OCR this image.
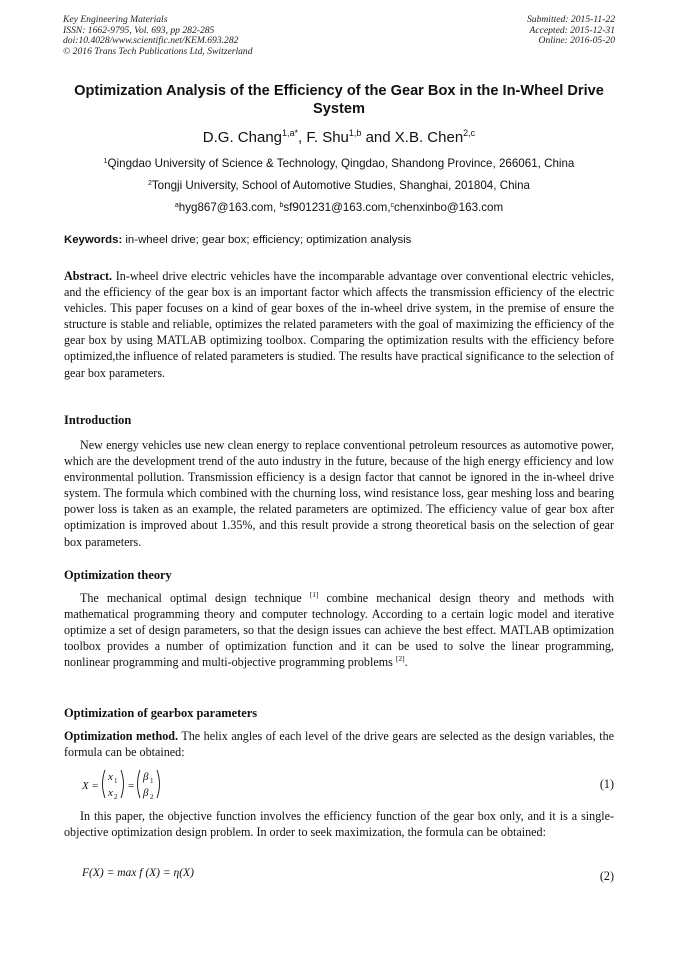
Key Engineering Materials
ISSN: 1662-9795, Vol. 693, pp 282-285
doi:10.4028/www.scientific.net/KEM.693.282
© 2016 Trans Tech Publications Ltd, Switzerland
Submitted: 2015-11-22
Accepted: 2015-12-31
Online: 2016-05-20
Optimization Analysis of the Efficiency of the Gear Box in the In-Wheel Drive System
D.G. Chang$^{1,a*}$, F. Shu$^{1,b}$ and X.B. Chen$^{2,c}$
$^1$Qingdao University of Science & Technology, Qingdao, Shandong Province, 266061, China
$^2$Tongji University, School of Automotive Studies, Shanghai, 201804, China
$^a$hyg867@163.com, $^b$sf901231@163.com,$^c$chenxinbo@163.com
Keywords: in-wheel drive; gear box; efficiency; optimization analysis
Abstract. In-wheel drive electric vehicles have the incomparable advantage over conventional electric vehicles, and the efficiency of the gear box is an important factor which affects the transmission efficiency of the electric vehicles. This paper focuses on a kind of gear boxes of the in-wheel drive system, in the premise of ensure the structure is stable and reliable, optimizes the related parameters with the goal of maximizing the efficiency of the gear box by using MATLAB optimizing toolbox. Comparing the optimization results with the efficiency before optimized,the influence of related parameters is studied. The results have practical significance to the selection of gear box parameters.
Introduction
New energy vehicles use new clean energy to replace conventional petroleum resources as automotive power, which are the development trend of the auto industry in the future, because of the high energy efficiency and low environmental pollution. Transmission efficiency is a design factor that cannot be ignored in the in-wheel drive system. The formula which combined with the churning loss, wind resistance loss, gear meshing loss and bearing power loss is taken as an example, the related parameters are optimized. The efficiency value of gear box after optimization is improved about 1.35%, and this result provide a strong theoretical basis on the selection of gear box parameters.
Optimization theory
The mechanical optimal design technique [1] combine mechanical design theory and methods with mathematical programming theory and computer technology. According to a certain logic model and iterative optimize a set of design parameters, so that the design issues can achieve the best effect. MATLAB optimization toolbox provides a number of optimization function and it can be used to solve the linear programming, nonlinear programming and multi-objective programming problems [2].
Optimization of gearbox parameters
Optimization method. The helix angles of each level of the drive gears are selected as the design variables, the formula can be obtained:
X =
x 1
x 2
=
β 1
β 2
(1)
In this paper, the objective function involves the efficiency function of the gear box only, and it is a single-objective optimization design problem. In order to seek maximization, the formula can be obtained:
F(X) = max f (X) = η(X)	(2)
